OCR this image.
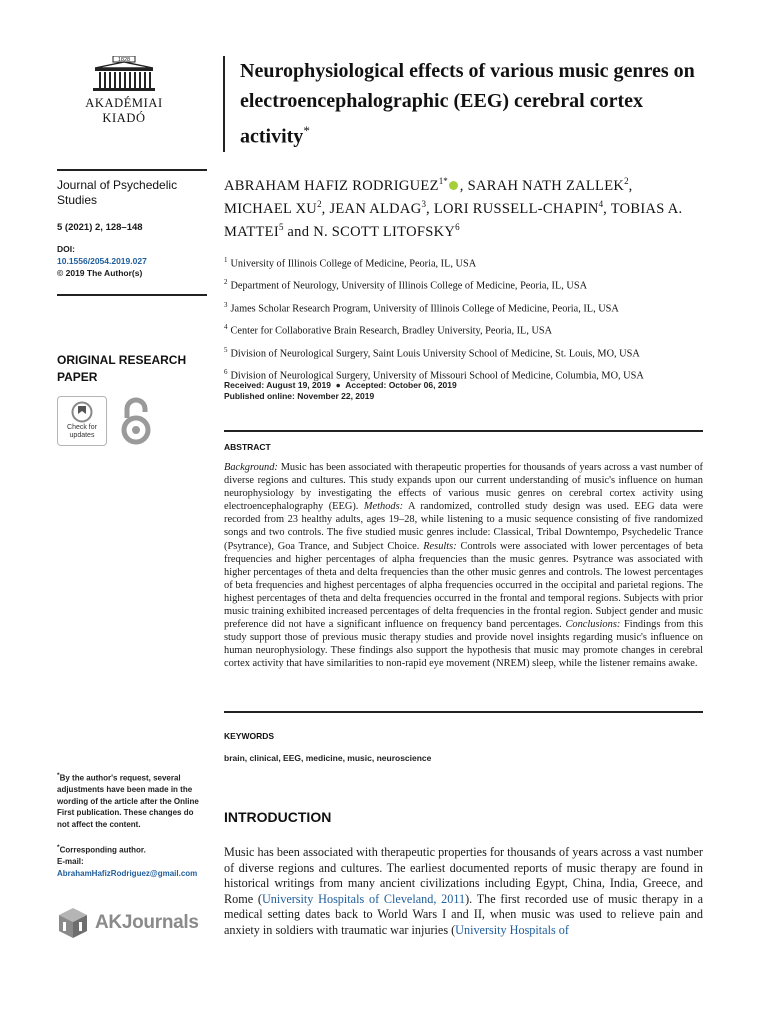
1828
AKADÉMIAI KIADÓ
Neurophysiological effects of various music genres on electroencephalographic (EEG) cerebral cortex activity*
Journal of Psychedelic Studies
5 (2021) 2, 128–148
DOI:
10.1556/2054.2019.027
© 2019 The Author(s)
ORIGINAL RESEARCH PAPER
Check for
updates
*By the author's request, several adjustments have been made in the wording of the article after the Online First publication. These changes do not affect the content.
*Corresponding author.
E-mail: AbrahamHafizRodriguez@gmail.com
AKJournals
ABRAHAM HAFIZ $RODRIGUEZ^{1*}$ , SARAH NATH ZALLEK$^2$, MICHAEL $XU^2$, JEAN ALDAG$^3$, LORI RUSSELL-CHAPIN$^4$, TOBIAS A. MATTEI$^5$ and N. SCOTT LITOFSKY$^6$
$^1$ University of Illinois College of Medicine, Peoria, IL, USA
$^2$ Department of Neurology, University of Illinois College of Medicine, Peoria, IL, USA
$^3$ James Scholar Research Program, University of Illinois College of Medicine, Peoria, IL, USA
$^4$ Center for Collaborative Brain Research, Bradley University, Peoria, IL, USA
$^5$ Division of Neurological Surgery, Saint Louis University School of Medicine, St. Louis, MO, USA
$^6$ Division of Neurological Surgery, University of Missouri School of Medicine, Columbia, MO, USA
Received: August 19, 2019 ● Accepted: October 06, 2019
Published online: November 22, 2019
ABSTRACT
Background: Music has been associated with therapeutic properties for thousands of years across a vast number of diverse regions and cultures. This study expands upon our current understanding of music's influence on human neurophysiology by investigating the effects of various music genres on cerebral cortex activity using electroencephalography (EEG). Methods: A randomized, controlled study design was used. EEG data were recorded from 23 healthy adults, ages 19–28, while listening to a music sequence consisting of five randomized songs and two controls. The five studied music genres include: Classical, Tribal Downtempo, Psychedelic Trance (Psytrance), Goa Trance, and Subject Choice. Results: Controls were associated with lower percentages of beta frequencies and higher percentages of alpha frequencies than the music genres. Psytrance was associated with higher percentages of theta and delta frequencies than the other music genres and controls. The lowest percentages of beta frequencies and highest percentages of alpha frequencies occurred in the occipital and parietal regions. The highest percentages of theta and delta frequencies occurred in the frontal and temporal regions. Subjects with prior music training exhibited increased percentages of delta frequencies in the frontal region. Subject gender and music preference did not have a significant influence on frequency band percentages. Conclusions: Findings from this study support those of previous music therapy studies and provide novel insights regarding music's influence on human neurophysiology. These findings also support the hypothesis that music may promote changes in cerebral cortex activity that have similarities to non-rapid eye movement (NREM) sleep, while the listener remains awake.
KEYWORDS
brain, clinical, EEG, medicine, music, neuroscience
INTRODUCTION
Music has been associated with therapeutic properties for thousands of years across a vast number of diverse regions and cultures. The earliest documented reports of music therapy are found in historical writings from many ancient civilizations including Egypt, China, India, Greece, and Rome (University Hospitals of Cleveland, 2011). The first recorded use of music therapy in a medical setting dates back to World Wars I and II, when music was used to relieve pain and anxiety in soldiers with traumatic war injuries (University Hospitals of
